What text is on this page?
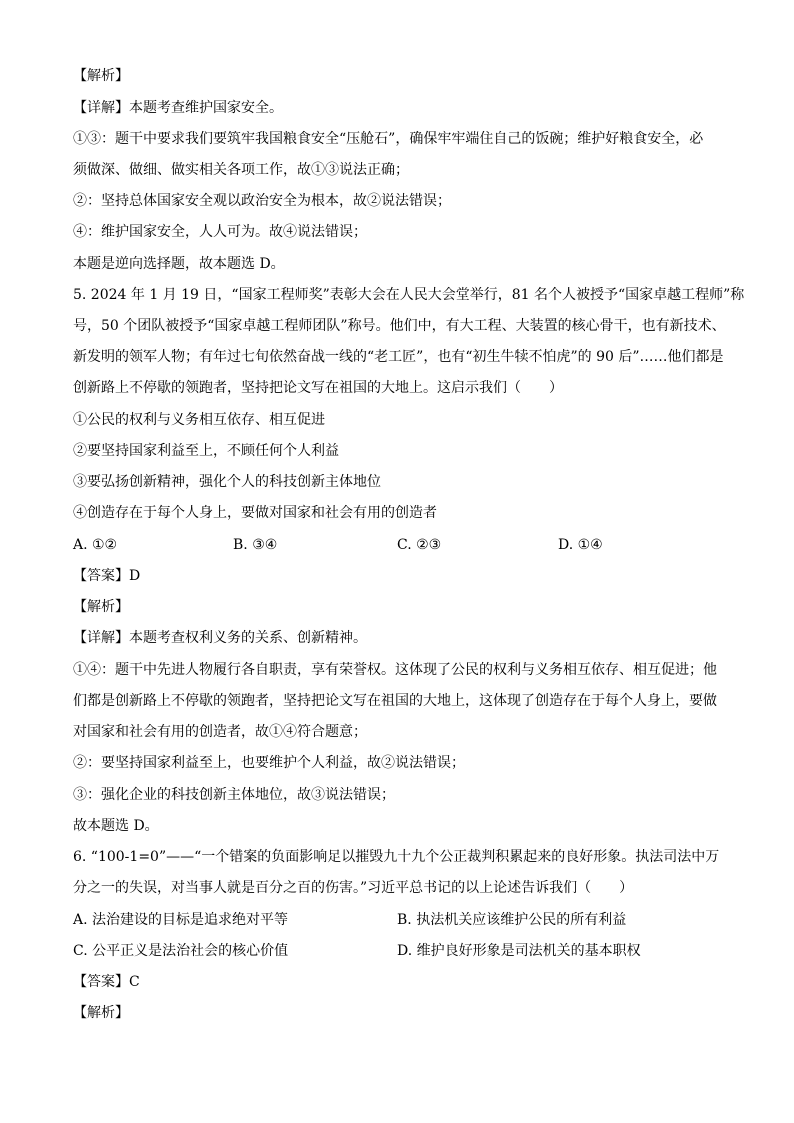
【解析】
【详解】本题考查维护国家安全。
①③：题干中要求我们要筑牢我国粮食安全“压舱石”，确保牢牢端住自己的饭碗；维护好粮食安全，必
须做深、做细、做实相关各项工作，故①③说法正确；
②：坚持总体国家安全观以政治安全为根本，故②说法错误；
④：维护国家安全，人人可为。故④说法错误；
本题是逆向选择题，故本题选 D。
5. 2024 年 1 月 19 日，“国家工程师奖”表彰大会在人民大会堂举行，81 名个人被授予“国家卓越工程师”称
号，50 个团队被授予“国家卓越工程师团队”称号。他们中，有大工程、大装置的核心骨干，也有新技术、
新发明的领军人物；有年过七旬依然奋战一线的“老工匠”，也有“初生牛犊不怕虎”的 90 后”……他们都是
创新路上不停歇的领跑者，坚持把论文写在祖国的大地上。这启示我们（　　）
①公民的权利与义务相互依存、相互促进
②要坚持国家利益至上，不顾任何个人利益
③要弘扬创新精神，强化个人的科技创新主体地位
④创造存在于每个人身上，要做对国家和社会有用的创造者
A. ①②	B. ③④	C. ②③	D. ①④
【答案】D
【解析】
【详解】本题考查权利义务的关系、创新精神。
①④：题干中先进人物履行各自职责，享有荣誉权。这体现了公民的权利与义务相互依存、相互促进；他
们都是创新路上不停歇的领跑者，坚持把论文写在祖国的大地上，这体现了创造存在于每个人身上，要做
对国家和社会有用的创造者，故①④符合题意；
②：要坚持国家利益至上，也要维护个人利益，故②说法错误；
③：强化企业的科技创新主体地位，故③说法错误；
故本题选 D。
6. “100-1=0”——“一个错案的负面影响足以摧毁九十九个公正裁判积累起来的良好形象。执法司法中万
分之一的失误，对当事人就是百分之百的伤害。”习近平总书记的以上论述告诉我们（　　）
A. 法治建设的目标是追求绝对平等	B. 执法机关应该维护公民的所有利益
C. 公平正义是法治社会的核心价值	D. 维护良好形象是司法机关的基本职权
【答案】C
【解析】
